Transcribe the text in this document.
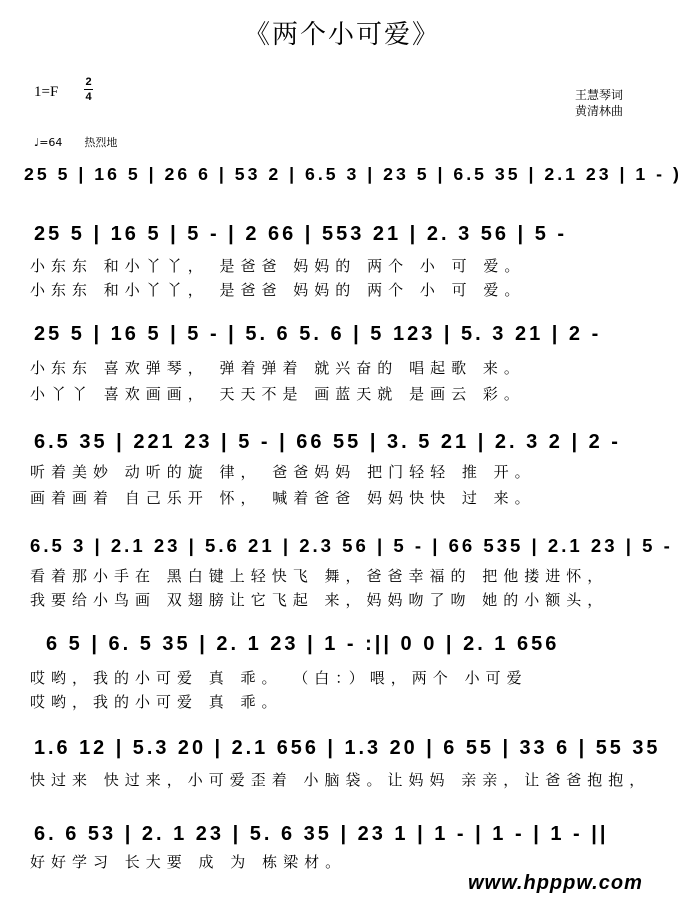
《两个小可爱》
1=F
2
4	王慧琴词
黄清林曲
♩=64 热烈地
25 5 | 16 5 | 26 6 | 53 2 | 6.5 3 | 23 5 | 6.5 35 | 2.1 23 | 1 - )
25 5 | 16 5 | 5 - | 2 66 | 553 21 | 2. 3 56 | 5 -
小东东 和小丫丫， 是爸爸 妈妈的 两个 小 可 爱。
小东东 和小丫丫， 是爸爸 妈妈的 两个 小 可 爱。
25 5 | 16 5 | 5 - | 5. 6 5. 6 | 5 123 | 5. 3 21 | 2 -
小东东 喜欢弹琴， 弹着弹着 就兴奋的 唱起歌 来。
小丫丫 喜欢画画， 天天不是 画蓝天就 是画云 彩。
6.5 35 | 221 23 | 5 - | 66 55 | 3. 5 21 | 2. 3 2 | 2 -
听着美妙 动听的旋 律， 爸爸妈妈 把门轻轻 推 开。
画着画着 自己乐开 怀， 喊着爸爸 妈妈快快 过 来。
6.5 3 | 2.1 23 | 5.6 21 | 2.3 56 | 5 - | 66 535 | 2.1 23 | 5 -
看着那小手在 黑白键上轻快飞 舞，爸爸幸福的 把他搂进怀，
我要给小鸟画 双翅膀让它飞起 来，妈妈吻了吻 她的小额头，
6 5 | 6. 5 35 | 2. 1 23 | 1 - :|| 0 0 | 2. 1 656
哎哟，我的小可爱 真 乖。 （白：）喂，两个 小可爱
哎哟，我的小可爱 真 乖。
1.6 12 | 5.3 20 | 2.1 656 | 1.3 20 | 6 55 | 33 6 | 55 35
快过来 快过来，小可爱歪着 小脑袋。让妈妈 亲亲，让爸爸抱抱，
6. 6 53 | 2. 1 23 | 5. 6 35 | 23 1 | 1 - | 1 - | 1 - ||
好好学习 长大要 成 为 栋梁材。
www.hpppw.com
